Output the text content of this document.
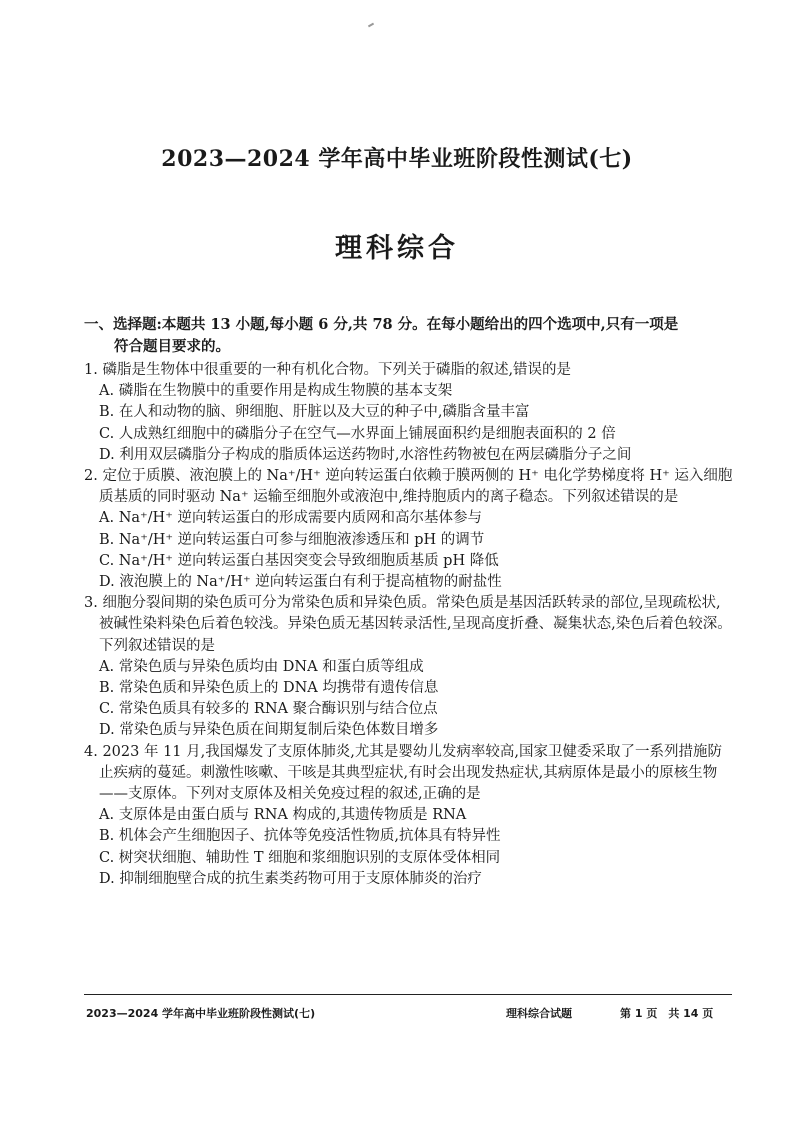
2023—2024 学年高中毕业班阶段性测试(七)
理科综合
一、选择题:本题共 13 小题,每小题 6 分,共 78 分。在每小题给出的四个选项中,只有一项是
符合题目要求的。

1. 磷脂是生物体中很重要的一种有机化合物。下列关于磷脂的叙述,错误的是

A. 磷脂在生物膜中的重要作用是构成生物膜的基本支架

B. 在人和动物的脑、卵细胞、肝脏以及大豆的种子中,磷脂含量丰富

C. 人成熟红细胞中的磷脂分子在空气—水界面上铺展面积约是细胞表面积的 2 倍

D. 利用双层磷脂分子构成的脂质体运送药物时,水溶性药物被包在两层磷脂分子之间

2. 定位于质膜、液泡膜上的 Na⁺/H⁺ 逆向转运蛋白依赖于膜两侧的 H⁺ 电化学势梯度将 H⁺ 运入细胞质基质的同时驱动 Na⁺ 运输至细胞外或液泡中,维持胞质内的离子稳态。下列叙述错误的是

A. Na⁺/H⁺ 逆向转运蛋白的形成需要内质网和高尔基体参与

B. Na⁺/H⁺ 逆向转运蛋白可参与细胞液渗透压和 pH 的调节

C. Na⁺/H⁺ 逆向转运蛋白基因突变会导致细胞质基质 pH 降低

D. 液泡膜上的 Na⁺/H⁺ 逆向转运蛋白有利于提高植物的耐盐性

3. 细胞分裂间期的染色质可分为常染色质和异染色质。常染色质是基因活跃转录的部位,呈现疏松状,被碱性染料染色后着色较浅。异染色质无基因转录活性,呈现高度折叠、凝集状态,染色后着色较深。下列叙述错误的是

A. 常染色质与异染色质均由 DNA 和蛋白质等组成

B. 常染色质和异染色质上的 DNA 均携带有遗传信息

C. 常染色质具有较多的 RNA 聚合酶识别与结合位点

D. 常染色质与异染色质在间期复制后染色体数目增多

4. 2023 年 11 月,我国爆发了支原体肺炎,尤其是婴幼儿发病率较高,国家卫健委采取了一系列措施防止疾病的蔓延。刺激性咳嗽、干咳是其典型症状,有时会出现发热症状,其病原体是最小的原核生物——支原体。下列对支原体及相关免疫过程的叙述,正确的是

A. 支原体是由蛋白质与 RNA 构成的,其遗传物质是 RNA

B. 机体会产生细胞因子、抗体等免疫活性物质,抗体具有特异性

C. 树突状细胞、辅助性 T 细胞和浆细胞识别的支原体受体相同

D. 抑制细胞壁合成的抗生素类药物可用于支原体肺炎的治疗

2023—2024 学年高中毕业班阶段性测试(七)	理科综合试题	第 1 页　共 14 页
